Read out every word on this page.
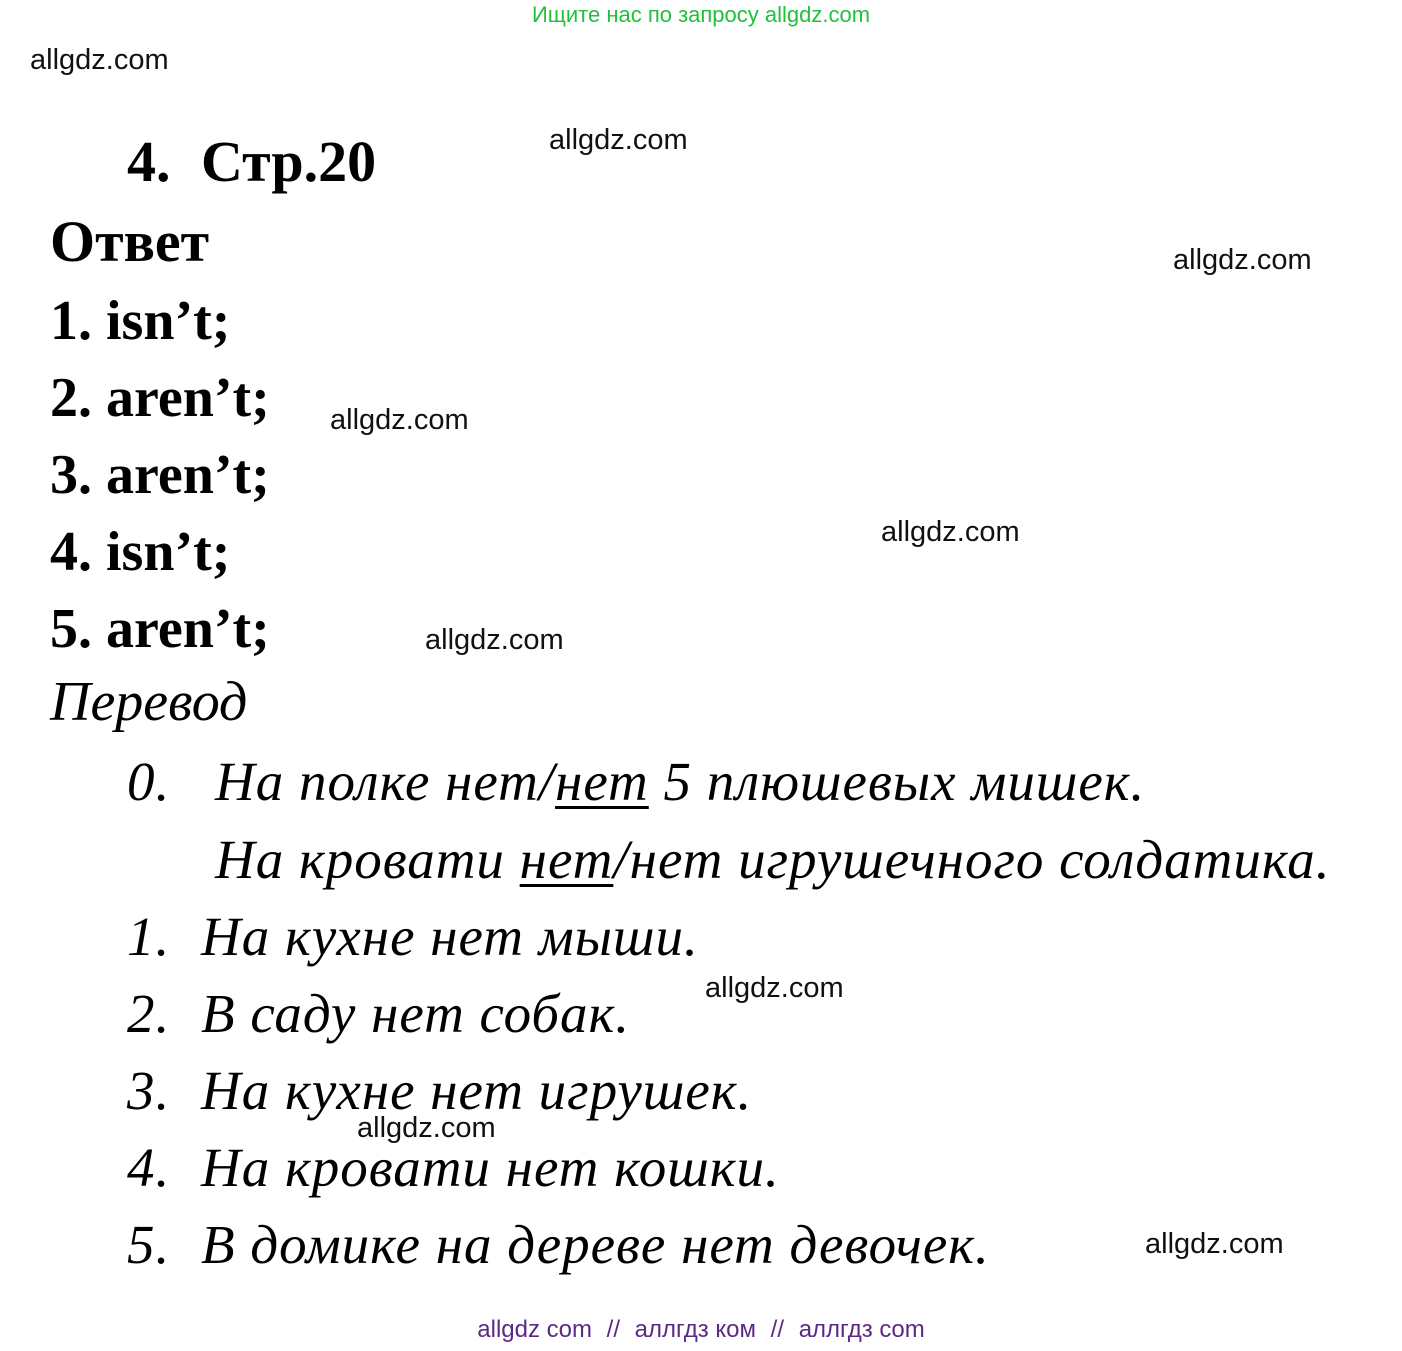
Ищите нас по запросу allgdz.com
allgdz.com
allgdz.com
allgdz.com
allgdz.com
allgdz.com
allgdz.com
allgdz.com
allgdz.com
allgdz.com
4. Стр.20
Ответ
1. isn’t;
2. aren’t;
3. aren’t;
4. isn’t;
5. aren’t;
Перевод
0. На полке нет/нет 5 плюшевых мишек.
На кровати нет/нет игрушечного солдатика.
1. На кухне нет мыши.
2. В саду нет собак.
3. На кухне нет игрушек.
4. На кровати нет кошки.
5. В домике на дереве нет девочек.
allgdz com // аллгдз ком // аллгдз com
